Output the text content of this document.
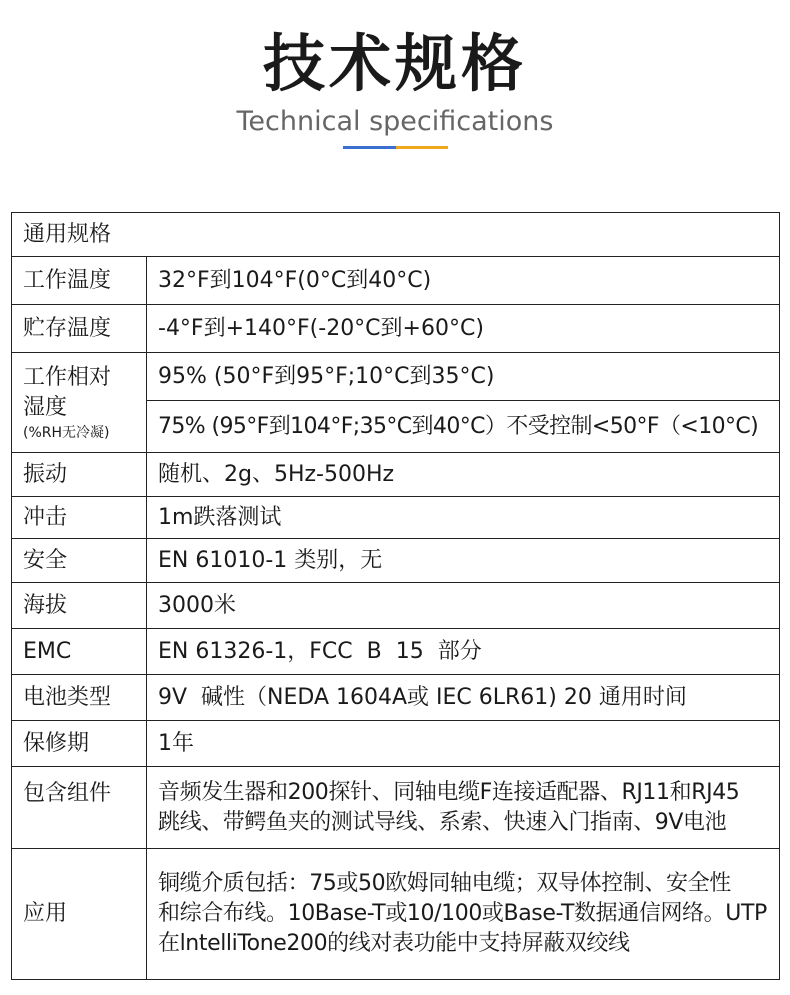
技术规格
Technical specifications
通用规格	
工作温度	32°F到104°F(0°C到40°C)
贮存温度	-4°F到+140°F(-20°C到+60°C)

工作相对
湿度
(%RH无冷凝)	95% (50°F到95°F;10°C到35°C)
	75% (95°F到104°F;35°C到40°C）不受控制<50°F（<10°C)
振动	随机、2g、5Hz-500Hz
冲击	1m跌落测试
安全	EN 61010-1 类别，无
海拔	3000米
EMC	EN 61326-1，FCC  B  15  部分
电池类型	9V  碱性（NEDA 1604A或 IEC 6LR61) 20 通用时间
保修期	1年
包含组件	音频发生器和200探针、同轴电缆F连接适配器、RJ11和RJ45
跳线、带鳄鱼夹的测试导线、系索、快速入门指南、9V电池

应用	铜缆介质包括：75或50欧姆同轴电缆；双导体控制、安全性
和综合布线。10Base-T或10/100或Base-T数据通信网络。UTP
在lntelliTone200的线对表功能中支持屏蔽双绞线
